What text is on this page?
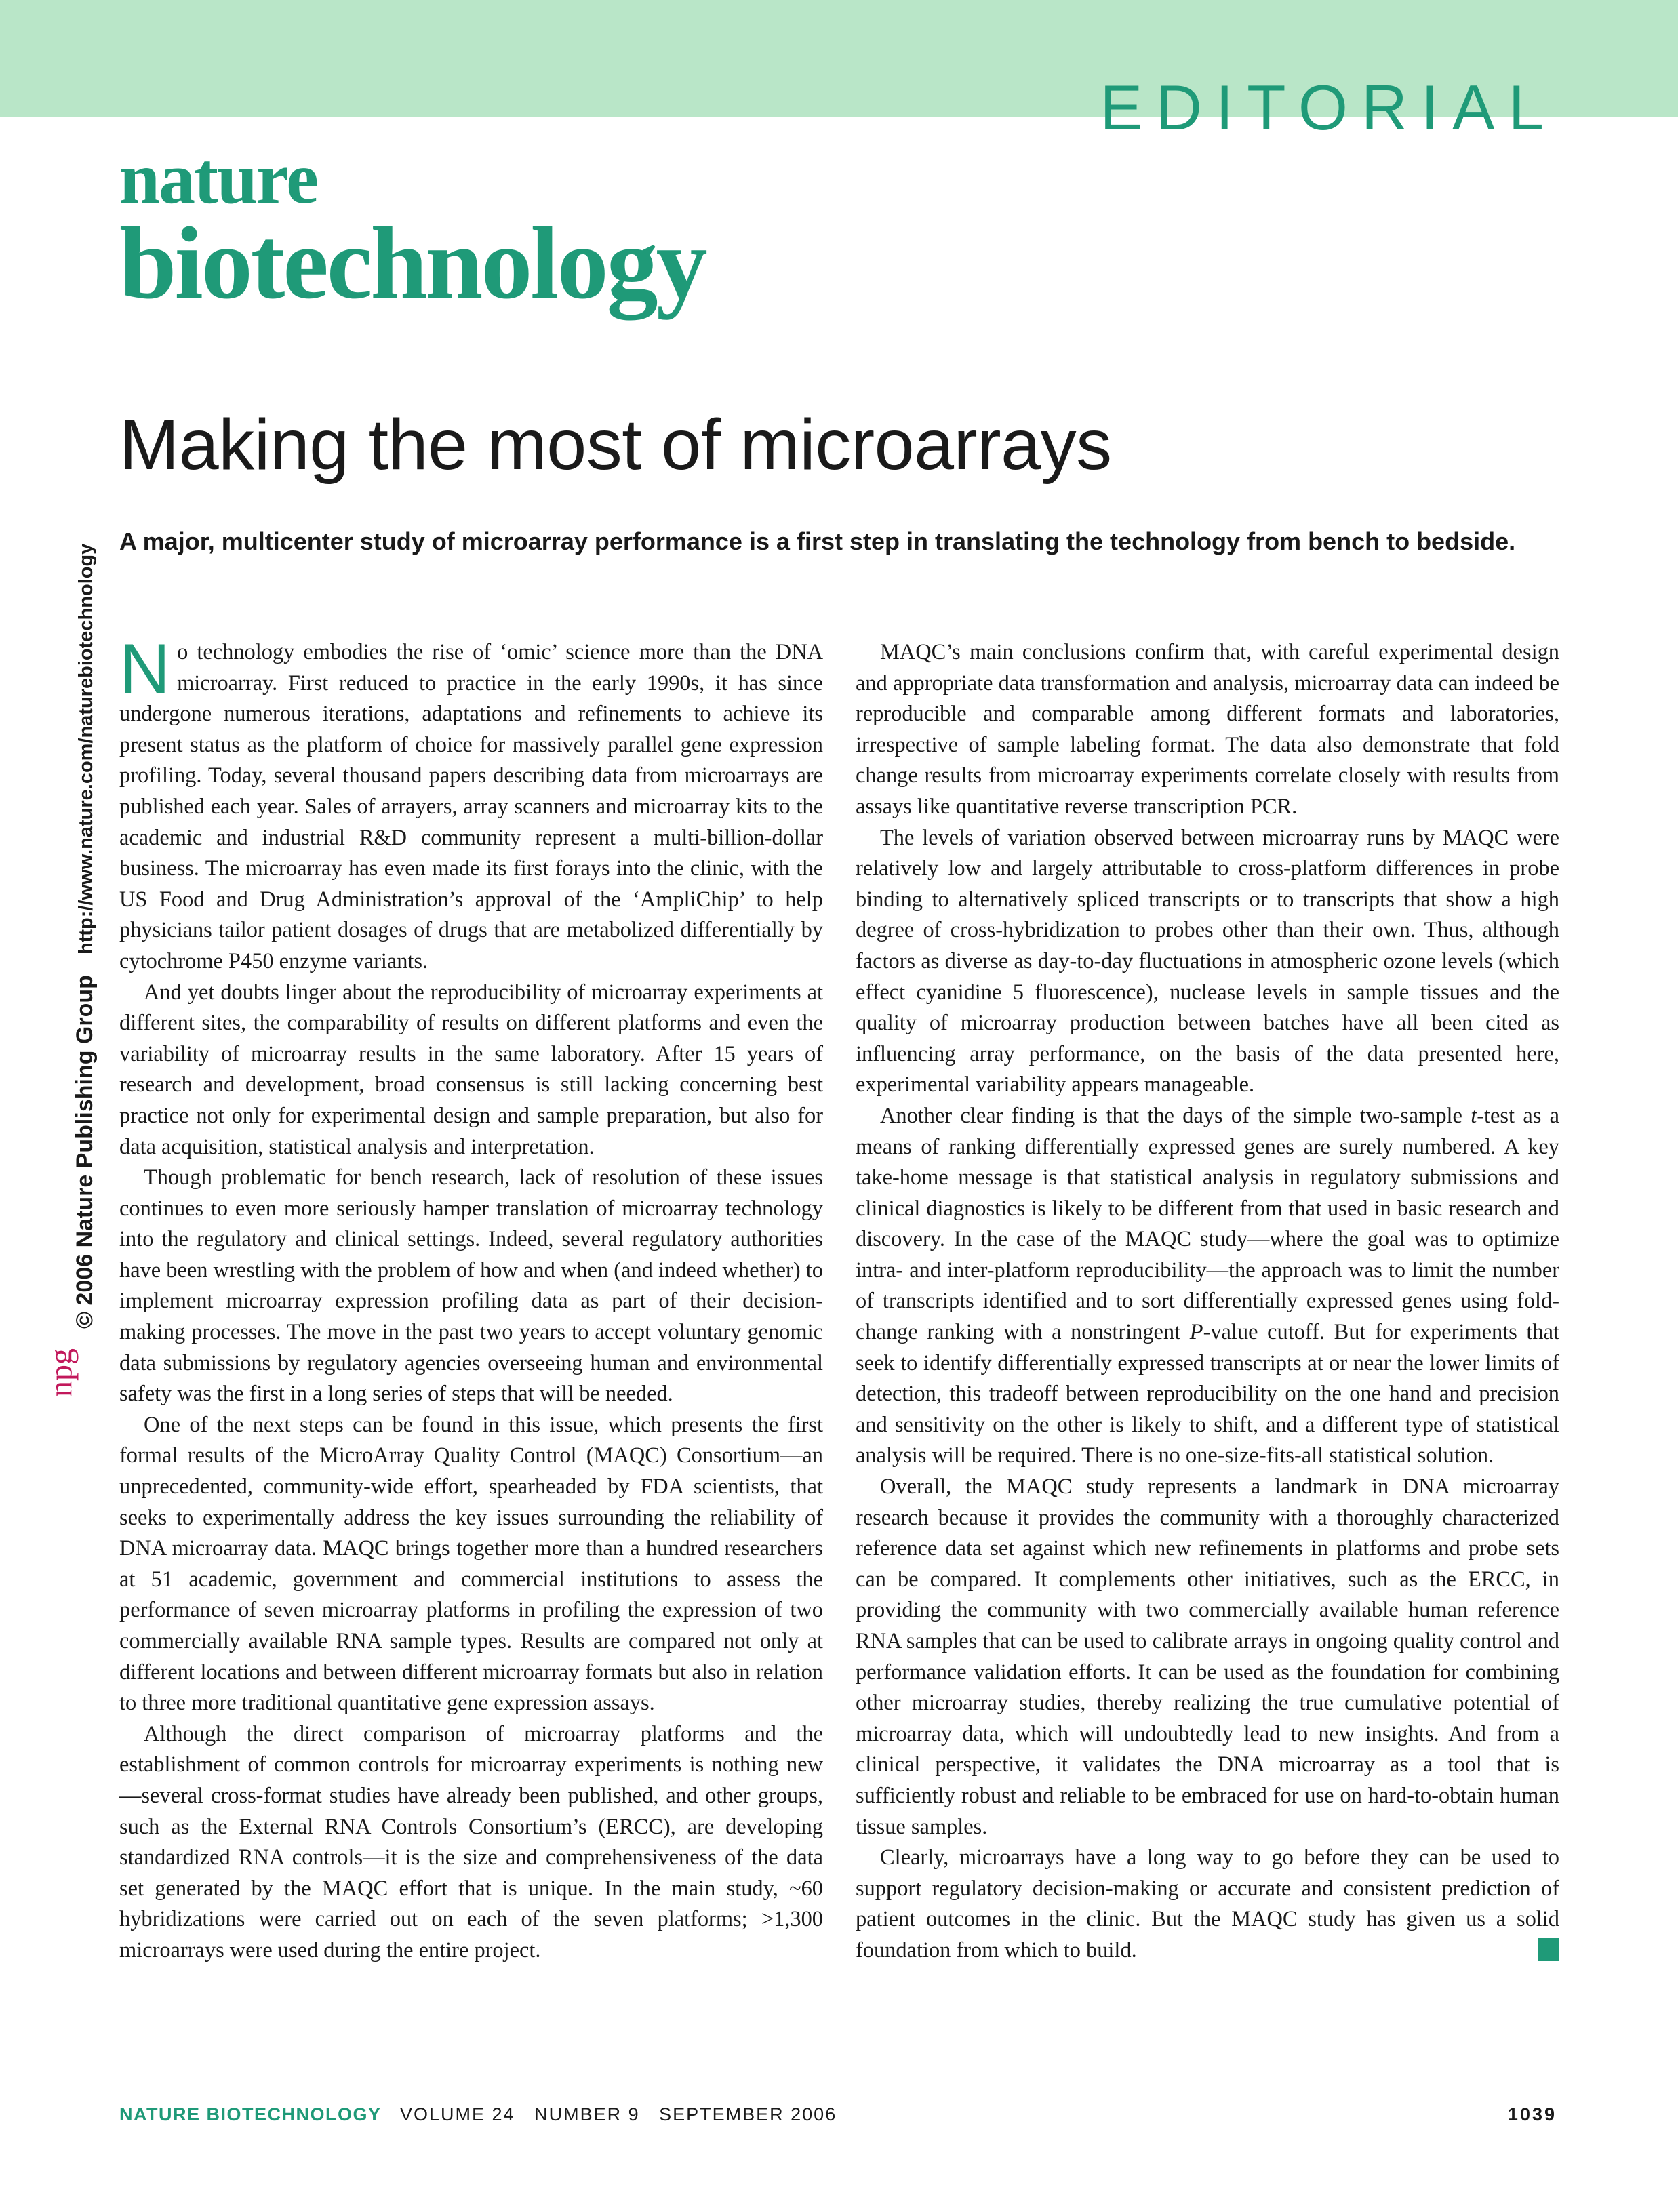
EDITORIAL
nature
biotechnology
© 2006 Nature Publishing Group http://www.nature.com/naturebiotechnology
npg
Making the most of microarrays

A major, multicenter study of microarray performance is a first step in translating the technology from bench to bedside.

No technology embodies the rise of ‘omic’ science more than the DNA microarray. First reduced to practice in the early 1990s, it has since undergone numerous iterations, adaptations and refinements to achieve its present status as the platform of choice for massively parallel gene expression profiling. Today, several thousand papers describing data from microarrays are published each year. Sales of arrayers, array scanners and microarray kits to the academic and industrial R&D community represent a multi-billion-dollar business. The microarray has even made its first forays into the clinic, with the US Food and Drug Administration’s approval of the ‘AmpliChip’ to help physicians tailor patient dosages of drugs that are metabolized differentially by cytochrome P450 enzyme variants.

And yet doubts linger about the reproducibility of microarray experiments at different sites, the comparability of results on different platforms and even the variability of microarray results in the same laboratory. After 15 years of research and development, broad consensus is still lacking concerning best practice not only for experimental design and sample preparation, but also for data acquisition, statistical analysis and interpretation.

Though problematic for bench research, lack of resolution of these issues continues to even more seriously hamper translation of microarray technology into the regulatory and clinical settings. Indeed, several regulatory authorities have been wrestling with the problem of how and when (and indeed whether) to implement microarray expression profiling data as part of their decision-making processes. The move in the past two years to accept voluntary genomic data submissions by regulatory agencies overseeing human and environmental safety was the first in a long series of steps that will be needed.

One of the next steps can be found in this issue, which presents the first formal results of the MicroArray Quality Control (MAQC) Consortium—an unprecedented, community-wide effort, spearheaded by FDA scientists, that seeks to experimentally address the key issues surrounding the reliability of DNA microarray data. MAQC brings together more than a hundred researchers at 51 academic, government and commercial institutions to assess the performance of seven microarray platforms in profiling the expression of two commercially available RNA sample types. Results are compared not only at different locations and between different microarray formats but also in relation to three more traditional quantitative gene expression assays.

Although the direct comparison of microarray platforms and the establishment of common controls for microarray experiments is nothing new—several cross-format studies have already been published, and other groups, such as the External RNA Controls Consortium’s (ERCC), are developing standardized RNA controls—it is the size and comprehensiveness of the data set generated by the MAQC effort that is unique. In the main study, ~60 hybridizations were carried out on each of the seven platforms; >1,300 microarrays were used during the entire project.

MAQC’s main conclusions confirm that, with careful experimental design and appropriate data transformation and analysis, microarray data can indeed be reproducible and comparable among different formats and laboratories, irrespective of sample labeling format. The data also demonstrate that fold change results from microarray experiments correlate closely with results from assays like quantitative reverse transcription PCR.

The levels of variation observed between microarray runs by MAQC were relatively low and largely attributable to cross-platform differences in probe binding to alternatively spliced transcripts or to transcripts that show a high degree of cross-hybridization to probes other than their own. Thus, although factors as diverse as day-to-day fluctuations in atmospheric ozone levels (which effect cyanidine 5 fluorescence), nuclease levels in sample tissues and the quality of microarray production between batches have all been cited as influencing array performance, on the basis of the data presented here, experimental variability appears manageable.

Another clear finding is that the days of the simple two-sample t-test as a means of ranking differentially expressed genes are surely numbered. A key take-home message is that statistical analysis in regulatory submissions and clinical diagnostics is likely to be different from that used in basic research and discovery. In the case of the MAQC study—where the goal was to optimize intra- and inter-platform reproducibility—the approach was to limit the number of transcripts identified and to sort differentially expressed genes using fold-change ranking with a nonstringent P-value cutoff. But for experiments that seek to identify differentially expressed transcripts at or near the lower limits of detection, this tradeoff between reproducibility on the one hand and precision and sensitivity on the other is likely to shift, and a different type of statistical analysis will be required. There is no one-size-fits-all statistical solution.

Overall, the MAQC study represents a landmark in DNA microarray research because it provides the community with a thoroughly characterized reference data set against which new refinements in platforms and probe sets can be compared. It complements other initiatives, such as the ERCC, in providing the community with two commercially available human reference RNA samples that can be used to calibrate arrays in ongoing quality control and performance validation efforts. It can be used as the foundation for combining other microarray studies, thereby realizing the true cumulative potential of microarray data, which will undoubtedly lead to new insights. And from a clinical perspective, it validates the DNA microarray as a tool that is sufficiently robust and reliable to be embraced for use on hard-to-obtain human tissue samples.

Clearly, microarrays have a long way to go before they can be used to support regulatory decision-making or accurate and consistent prediction of patient outcomes in the clinic. But the MAQC study has given us a solid foundation from which to build.	b

NATURE BIOTECHNOLOGY VOLUME 24   NUMBER 9   SEPTEMBER 2006	1039
